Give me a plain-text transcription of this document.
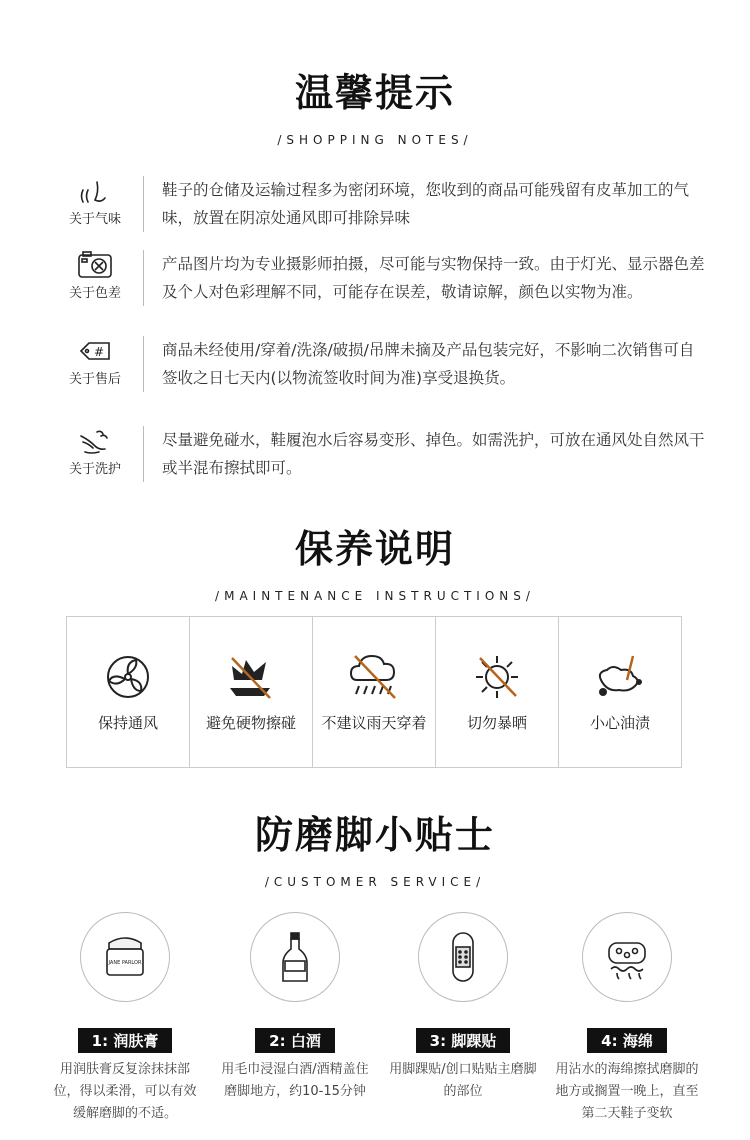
温馨提示
/SHOPPING NOTES/
关于气味
鞋子的仓储及运输过程多为密闭环境，您收到的商品可能残留有皮革加工的气味，放置在阴凉处通风即可排除异味
关于色差
产品图片均为专业摄影师拍摄，尽可能与实物保持一致。由于灯光、显示器色差及个人对色彩理解不同，可能存在误差，敬请谅解，颜色以实物为准。
#
关于售后
商品未经使用/穿着/洗涤/破损/吊牌未摘及产品包装完好，不影响二次销售可自签收之日七天内(以物流签收时间为准)享受退换货。
关于洗护
尽量避免碰水，鞋履泡水后容易变形、掉色。如需洗护，可放在通风处自然风干或半混布擦拭即可。
保养说明
/MAINTENANCE INSTRUCTIONS/
保持通风	避免硬物擦碰 不建议雨天穿着	切勿暴晒	小心油渍
防磨脚小贴士
/CUSTOMER SERVICE/
JANE PARLOR
1: 润肤膏
用润肤膏反复涂抹抹部位，得以柔滑，可以有效缓解磨脚的不适。
2: 白酒
用毛巾浸湿白酒/酒精盖住磨脚地方，约10-15分钟
3: 脚踝贴
用脚踝贴/创口贴贴主磨脚的部位
4: 海绵
用沾水的海绵擦拭磨脚的地方或搁置一晚上，直至第二天鞋子变软
